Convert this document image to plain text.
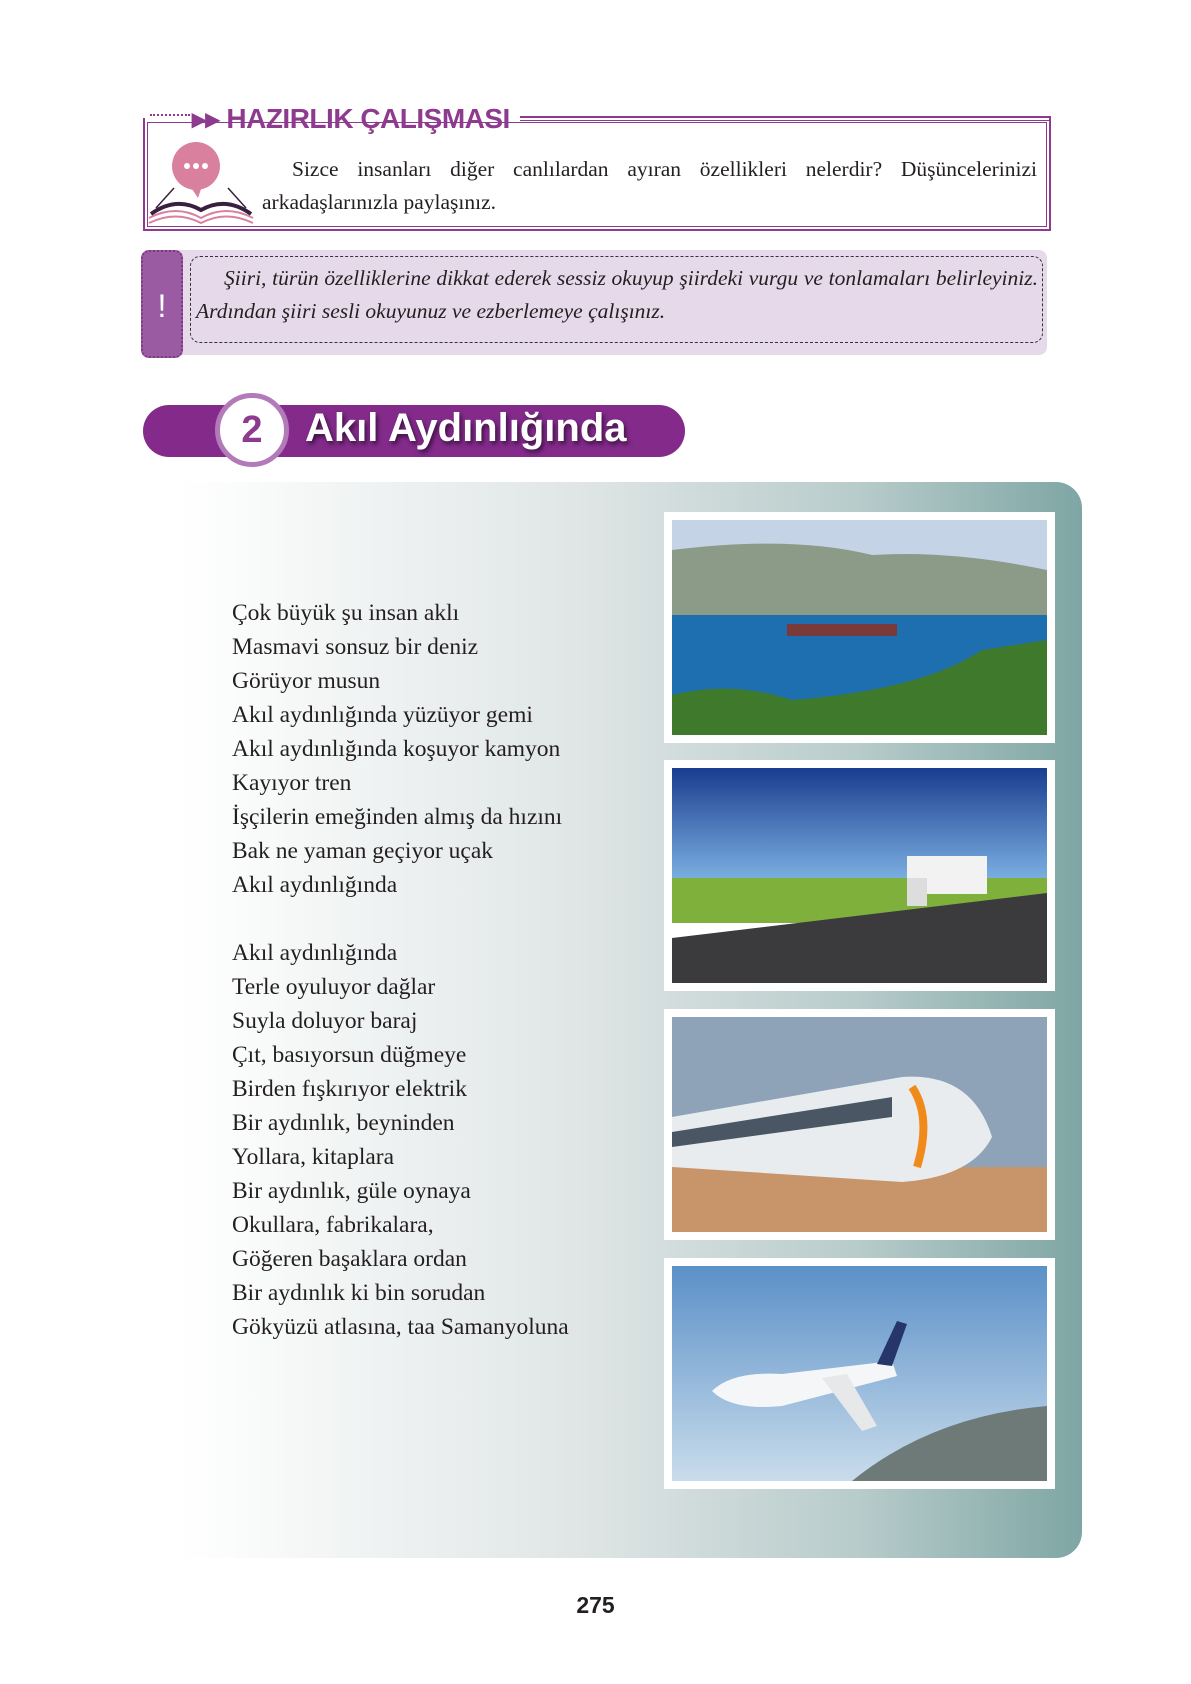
▸▸ HAZIRLIK ÇALIŞMASI
Sizce insanları diğer canlılardan ayıran özellikleri nelerdir? Düşüncelerinizi arkadaşlarınızla paylaşınız.
!
Şiiri, türün özelliklerine dikkat ederek sessiz okuyup şiirdeki vurgu ve tonlamaları belirleyiniz. Ardından şiiri sesli okuyunuz ve ezberlemeye çalışınız.
2	Akıl Aydınlığında
Çok büyük şu insan aklı
Masmavi sonsuz bir deniz
Görüyor musun
Akıl aydınlığında yüzüyor gemi
Akıl aydınlığında koşuyor kamyon
Kayıyor tren
İşçilerin emeğinden almış da hızını
Bak ne yaman geçiyor uçak
Akıl aydınlığında
Akıl aydınlığında
Terle oyuluyor dağlar
Suyla doluyor baraj
Çıt, basıyorsun düğmeye
Birden fışkırıyor elektrik
Bir aydınlık, beyninden
Yollara, kitaplara
Bir aydınlık, güle oynaya
Okullara, fabrikalara,
Göğeren başaklara ordan
Bir aydınlık ki bin sorudan
Gökyüzü atlasına, taa Samanyoluna
275
